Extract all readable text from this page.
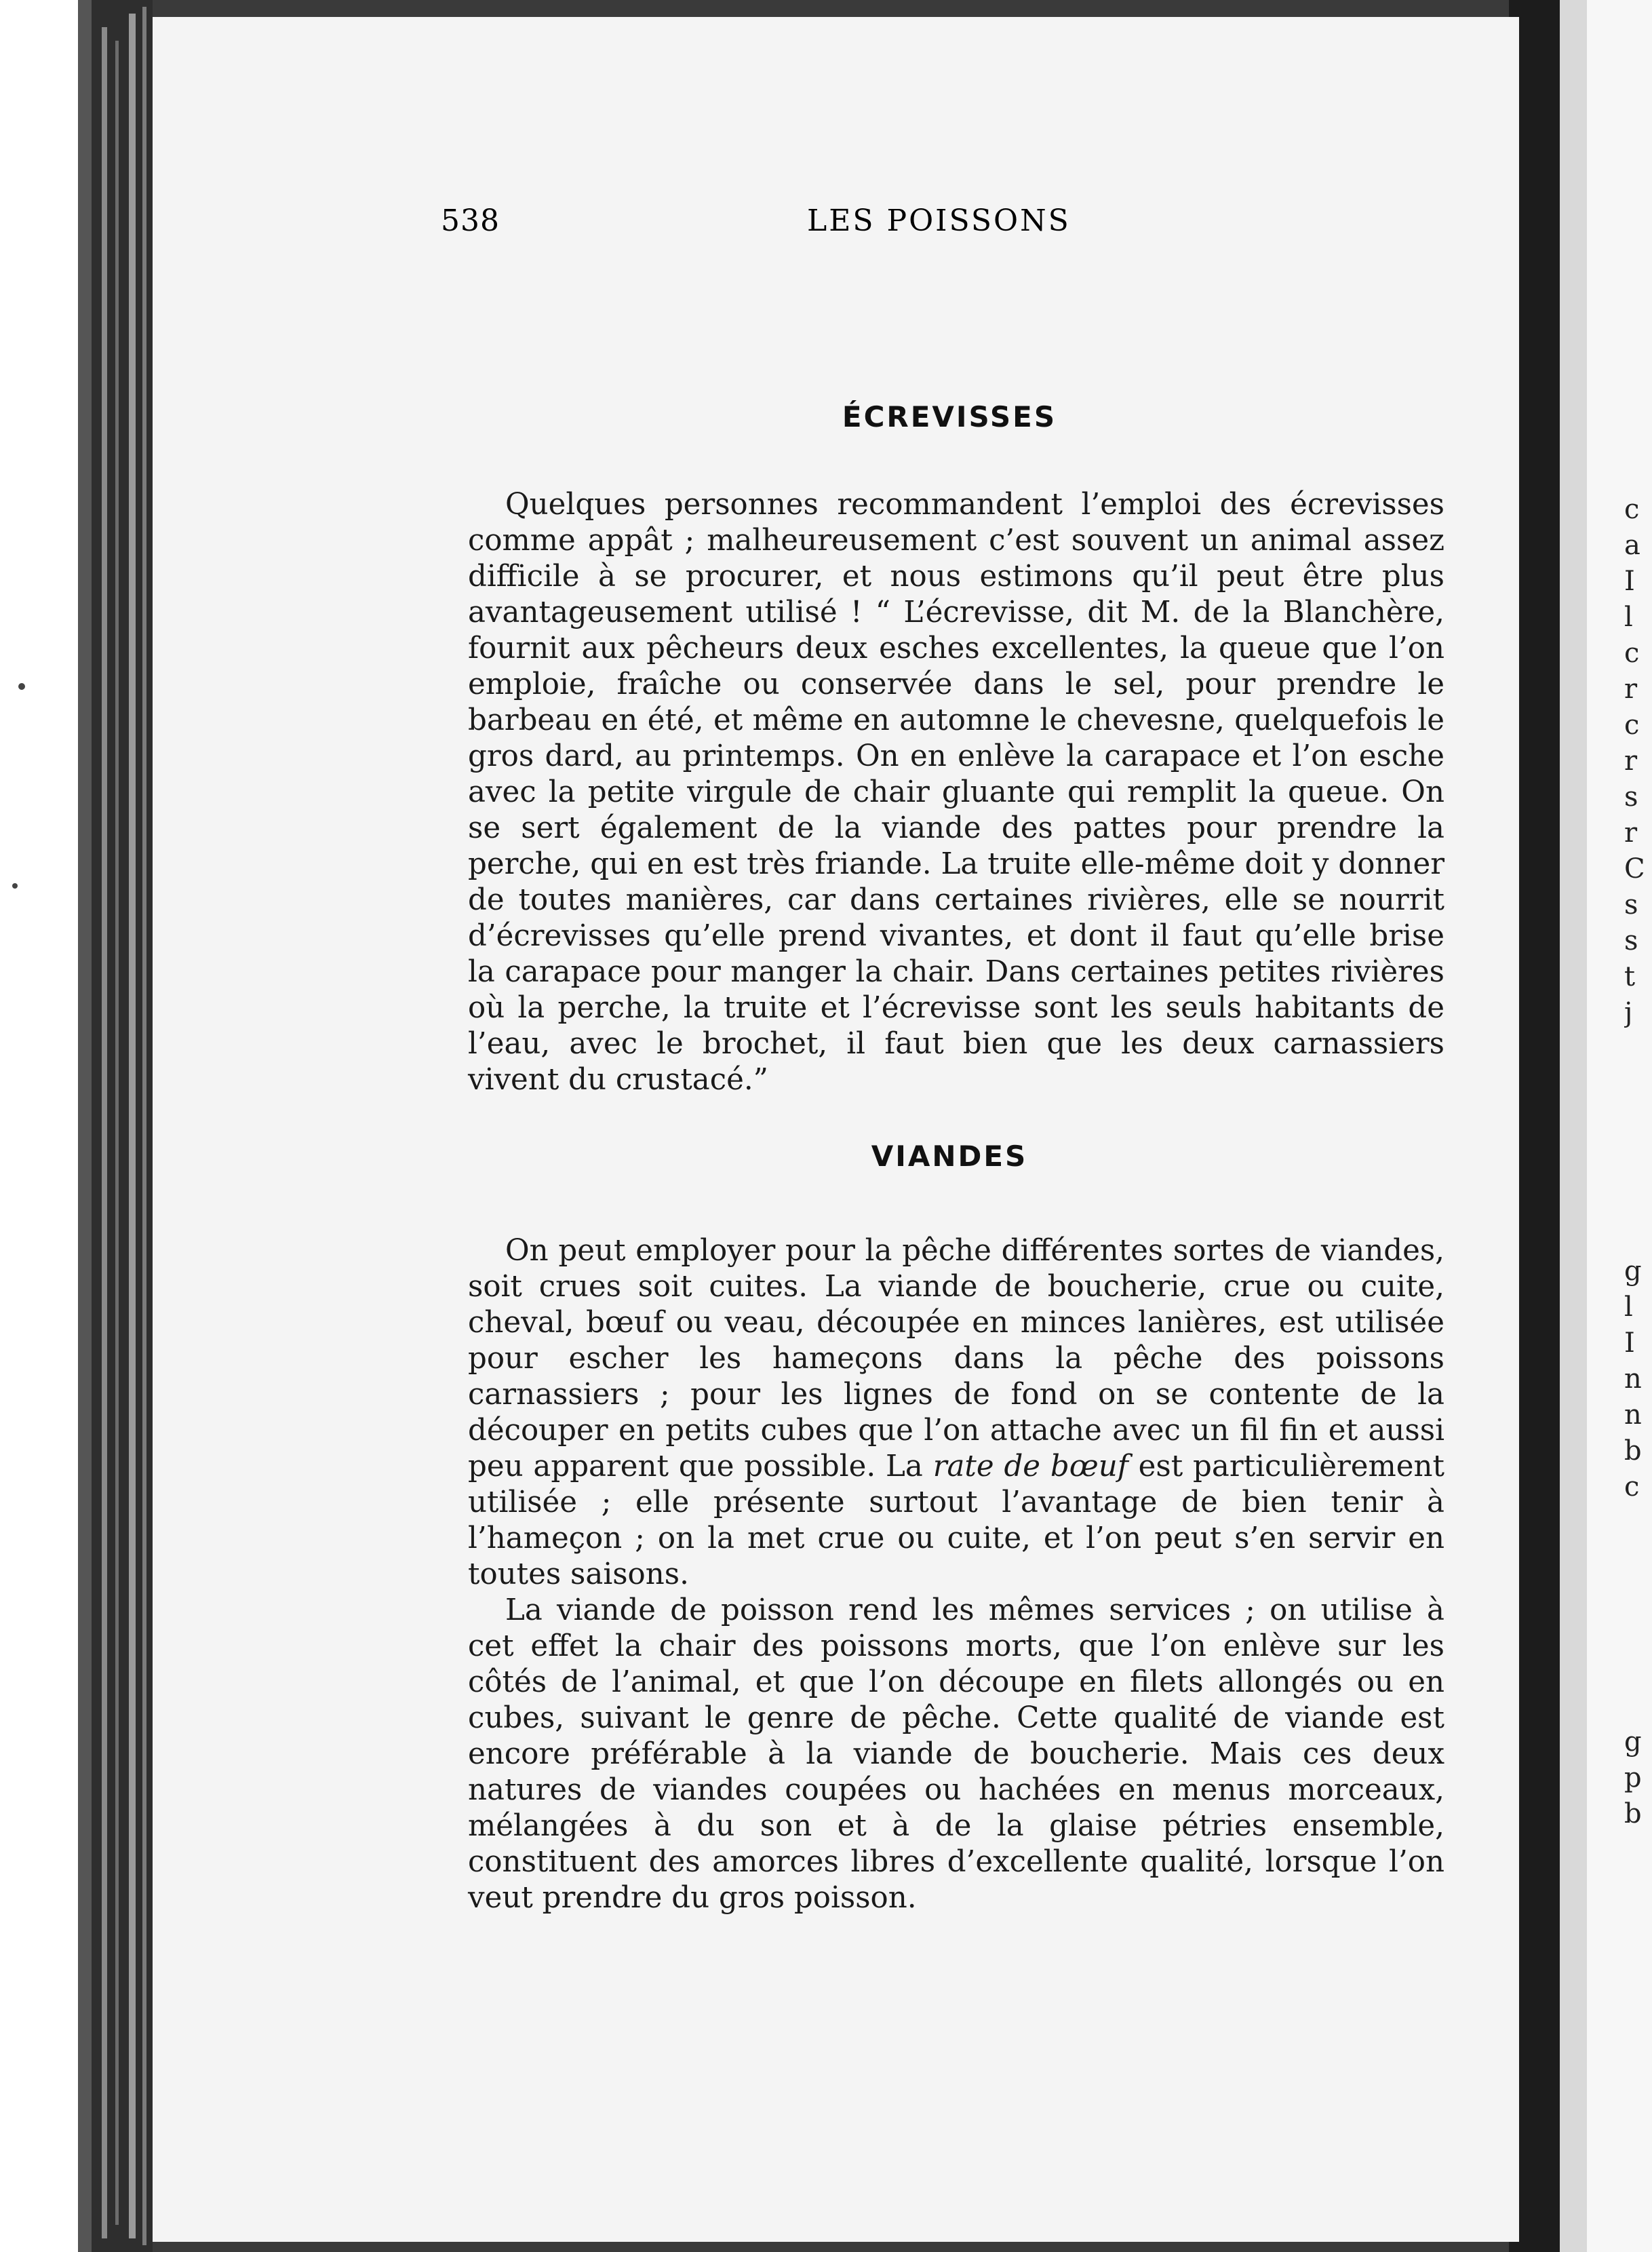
538	LES POISSONS
ÉCREVISSES

Quelques personnes recommandent l’emploi des écrevisses comme appât ; malheureusement c’est souvent un animal assez difficile à se procurer, et nous estimons qu’il peut être plus avantageusement utilisé ! “ L’écrevisse, dit M. de la Blanchère, fournit aux pêcheurs deux esches excellentes, la queue que l’on emploie, fraîche ou conservée dans le sel, pour prendre le barbeau en été, et même en automne le chevesne, quelquefois le gros dard, au printemps. On en enlève la carapace et l’on esche avec la petite virgule de chair gluante qui remplit la queue. On se sert également de la viande des pattes pour prendre la perche, qui en est très friande. La truite elle-même doit y donner de toutes manières, car dans certaines rivières, elle se nourrit d’écrevisses qu’elle prend vivantes, et dont il faut qu’elle brise la carapace pour manger la chair. Dans certaines petites rivières où la perche, la truite et l’écrevisse sont les seuls habitants de l’eau, avec le brochet, il faut bien que les deux carnassiers vivent du crustacé.”

VIANDES

On peut employer pour la pêche différentes sortes de viandes, soit crues soit cuites. La viande de boucherie, crue ou cuite, cheval, bœuf ou veau, découpée en minces lanières, est utilisée pour escher les hameçons dans la pêche des poissons carnassiers ; pour les lignes de fond on se contente de la découper en petits cubes que l’on attache avec un fil fin et aussi peu apparent que possible. La rate de bœuf est particulièrement utilisée ; elle présente surtout l’avantage de bien tenir à l’hameçon ; on la met crue ou cuite, et l’on peut s’en servir en toutes saisons.

La viande de poisson rend les mêmes services ; on utilise à cet effet la chair des poissons morts, que l’on enlève sur les côtés de l’animal, et que l’on découpe en filets allongés ou en cubes, suivant le genre de pêche. Cette qualité de viande est encore préférable à la viande de boucherie. Mais ces deux natures de viandes coupées ou hachées en menus morceaux, mélangées à du son et à de la glaise pétries ensemble, constituent des amorces libres d’excellente qualité, lorsque l’on veut prendre du gros poisson.

c
a
I
l
c
r
c
r
s
r
C
s
s
t
j
g
l
I
n
n
b
c
g
p
b
